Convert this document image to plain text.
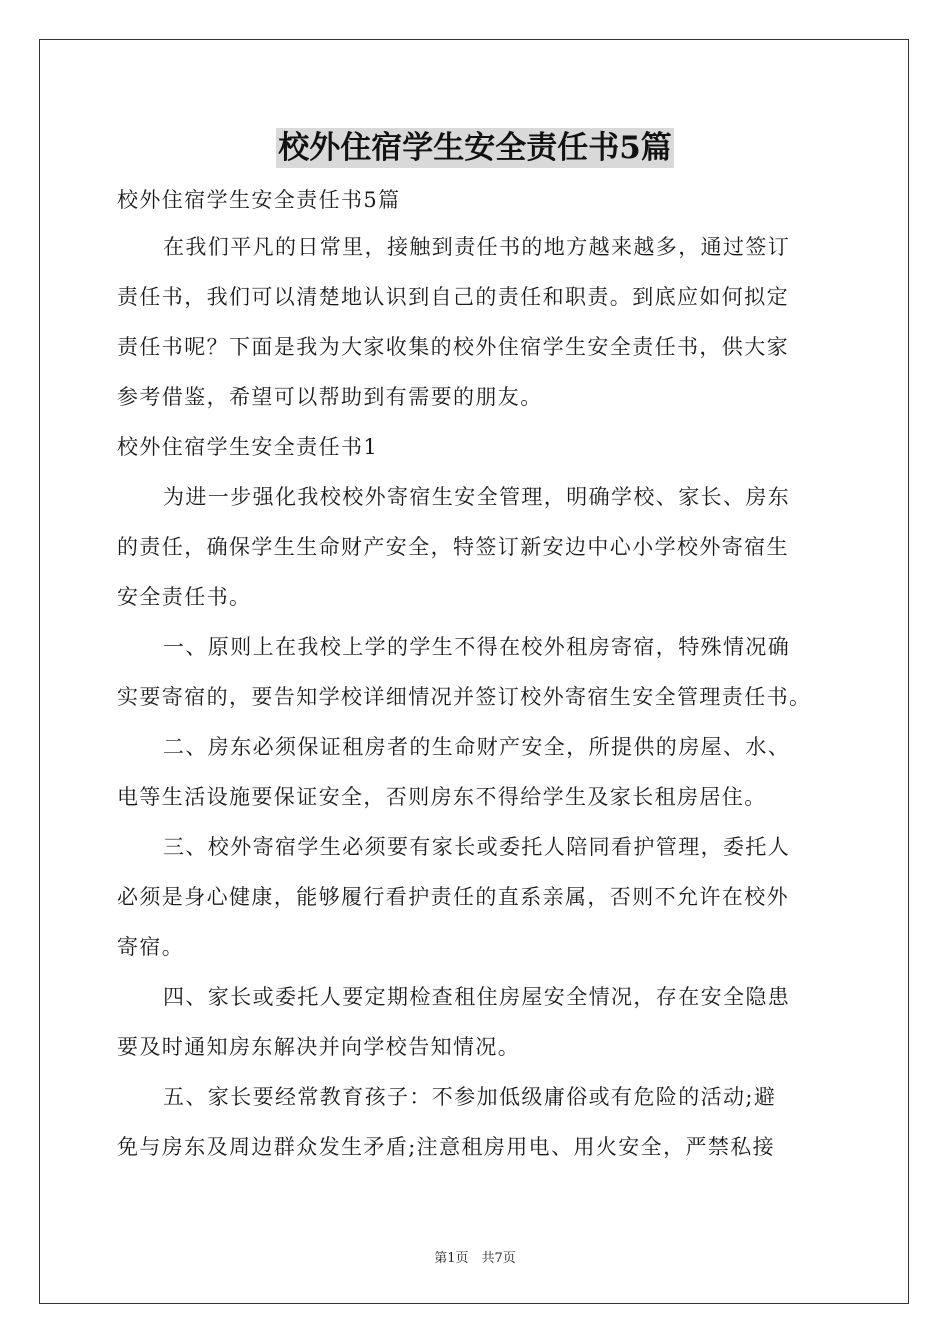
校外住宿学生安全责任书5篇
校外住宿学生安全责任书5篇
在我们平凡的日常里，接触到责任书的地方越来越多，通过签订
责任书，我们可以清楚地认识到自己的责任和职责。到底应如何拟定
责任书呢？下面是我为大家收集的校外住宿学生安全责任书，供大家
参考借鉴，希望可以帮助到有需要的朋友。
校外住宿学生安全责任书1
为进一步强化我校校外寄宿生安全管理，明确学校、家长、房东
的责任，确保学生生命财产安全，特签订新安边中心小学校外寄宿生
安全责任书。
一、原则上在我校上学的学生不得在校外租房寄宿，特殊情况确
实要寄宿的，要告知学校详细情况并签订校外寄宿生安全管理责任书。
二、房东必须保证租房者的生命财产安全，所提供的房屋、水、
电等生活设施要保证安全，否则房东不得给学生及家长租房居住。
三、校外寄宿学生必须要有家长或委托人陪同看护管理，委托人
必须是身心健康，能够履行看护责任的直系亲属，否则不允许在校外
寄宿。
四、家长或委托人要定期检查租住房屋安全情况，存在安全隐患
要及时通知房东解决并向学校告知情况。
五、家长要经常教育孩子：不参加低级庸俗或有危险的活动;避
免与房东及周边群众发生矛盾;注意租房用电、用火安全，严禁私接
第1页　共7页
